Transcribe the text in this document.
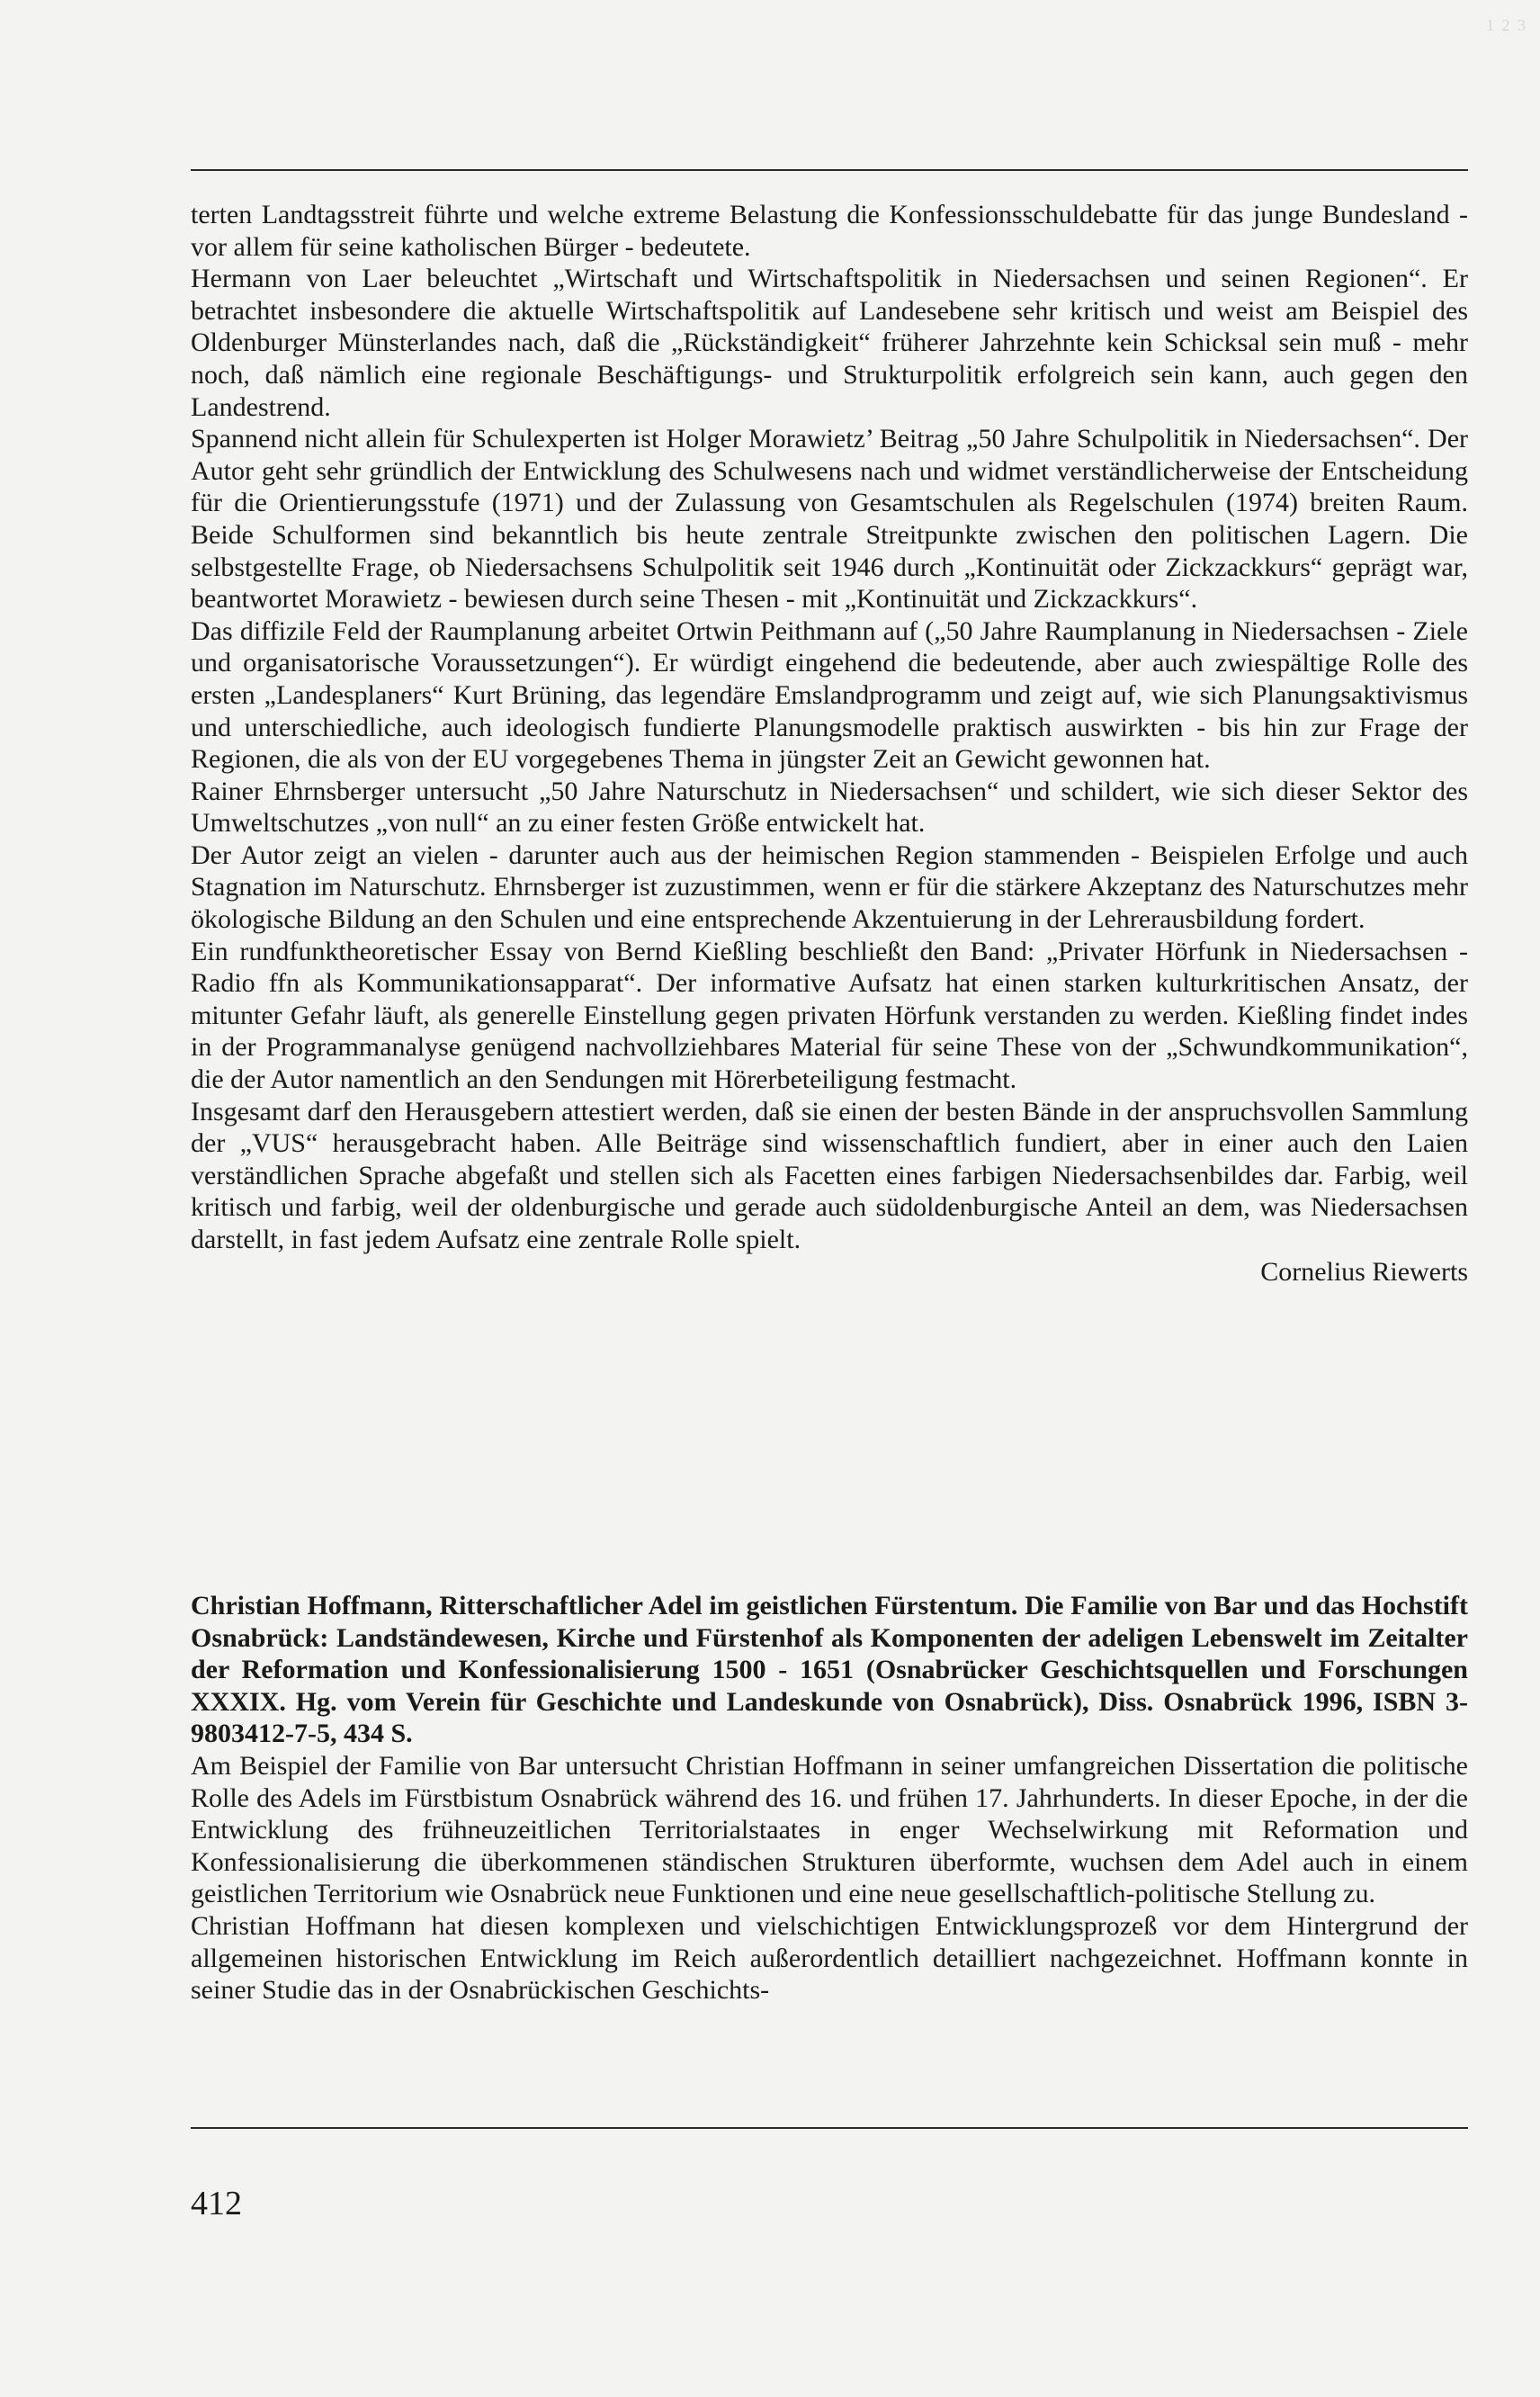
1 2 3

terten Landtagsstreit führte und welche extreme Belastung die Konfessionsschuldebatte für das junge Bundesland - vor allem für seine katholischen Bürger - bedeutete.

Hermann von Laer beleuchtet „Wirtschaft und Wirtschaftspolitik in Niedersachsen und seinen Regionen“. Er betrachtet insbesondere die aktuelle Wirtschaftspolitik auf Landesebene sehr kritisch und weist am Beispiel des Oldenburger Münsterlandes nach, daß die „Rückständigkeit“ früherer Jahrzehnte kein Schicksal sein muß - mehr noch, daß nämlich eine regionale Beschäftigungs- und Strukturpolitik erfolgreich sein kann, auch gegen den Landestrend.

Spannend nicht allein für Schulexperten ist Holger Morawietz’ Beitrag „50 Jahre Schulpolitik in Niedersachsen“. Der Autor geht sehr gründlich der Entwicklung des Schulwesens nach und widmet verständlicherweise der Entscheidung für die Orientierungsstufe (1971) und der Zulassung von Gesamtschulen als Regelschulen (1974) breiten Raum. Beide Schulformen sind bekanntlich bis heute zentrale Streitpunkte zwischen den politischen Lagern. Die selbstgestellte Frage, ob Niedersachsens Schulpolitik seit 1946 durch „Kontinuität oder Zickzackkurs“ geprägt war, beantwortet Morawietz - bewiesen durch seine Thesen - mit „Kontinuität und Zickzackkurs“.

Das diffizile Feld der Raumplanung arbeitet Ortwin Peithmann auf („50 Jahre Raumplanung in Niedersachsen - Ziele und organisatorische Voraussetzungen“). Er würdigt eingehend die bedeutende, aber auch zwiespältige Rolle des ersten „Landesplaners“ Kurt Brüning, das legendäre Emslandprogramm und zeigt auf, wie sich Planungsaktivismus und unterschiedliche, auch ideologisch fundierte Planungsmodelle praktisch auswirkten - bis hin zur Frage der Regionen, die als von der EU vorgegebenes Thema in jüngster Zeit an Gewicht gewonnen hat.

Rainer Ehrnsberger untersucht „50 Jahre Naturschutz in Niedersachsen“ und schildert, wie sich dieser Sektor des Umweltschutzes „von null“ an zu einer festen Größe entwickelt hat.

Der Autor zeigt an vielen - darunter auch aus der heimischen Region stammenden - Beispielen Erfolge und auch Stagnation im Naturschutz. Ehrnsberger ist zuzustimmen, wenn er für die stärkere Akzeptanz des Naturschutzes mehr ökologische Bildung an den Schulen und eine entsprechende Akzentuierung in der Lehrerausbildung fordert.

Ein rundfunktheoretischer Essay von Bernd Kießling beschließt den Band: „Privater Hörfunk in Niedersachsen - Radio ffn als Kommunikationsapparat“. Der informative Aufsatz hat einen starken kulturkritischen Ansatz, der mitunter Gefahr läuft, als generelle Einstellung gegen privaten Hörfunk verstanden zu werden. Kießling findet indes in der Programmanalyse genügend nachvollziehbares Material für seine These von der „Schwundkommunikation“, die der Autor namentlich an den Sendungen mit Hörerbeteiligung festmacht.

Insgesamt darf den Herausgebern attestiert werden, daß sie einen der besten Bände in der anspruchsvollen Sammlung der „VUS“ herausgebracht haben. Alle Beiträge sind wissenschaftlich fundiert, aber in einer auch den Laien verständlichen Sprache abgefaßt und stellen sich als Facetten eines farbigen Niedersachsenbildes dar. Farbig, weil kritisch und farbig, weil der oldenburgische und gerade auch südoldenburgische Anteil an dem, was Niedersachsen darstellt, in fast jedem Aufsatz eine zentrale Rolle spielt.

Cornelius Riewerts

Christian Hoffmann, Ritterschaftlicher Adel im geistlichen Fürstentum. Die Familie von Bar und das Hochstift Osnabrück: Landständewesen, Kirche und Fürstenhof als Komponenten der adeligen Lebenswelt im Zeitalter der Reformation und Konfessionalisierung 1500 - 1651 (Osnabrücker Geschichtsquellen und Forschungen XXXIX. Hg. vom Verein für Geschichte und Landeskunde von Osnabrück), Diss. Osnabrück 1996, ISBN 3-9803412-7-5, 434 S.

Am Beispiel der Familie von Bar untersucht Christian Hoffmann in seiner umfangreichen Dissertation die politische Rolle des Adels im Fürstbistum Osnabrück während des 16. und frühen 17. Jahrhunderts. In dieser Epoche, in der die Entwicklung des frühneuzeitlichen Territorialstaates in enger Wechselwirkung mit Reformation und Konfessionalisierung die überkommenen ständischen Strukturen überformte, wuchsen dem Adel auch in einem geistlichen Territorium wie Osnabrück neue Funktionen und eine neue gesellschaftlich-politische Stellung zu.

Christian Hoffmann hat diesen komplexen und vielschichtigen Entwicklungsprozeß vor dem Hintergrund der allgemeinen historischen Entwicklung im Reich außerordentlich detailliert nachgezeichnet. Hoffmann konnte in seiner Studie das in der Osnabrückischen Geschichts-

412
